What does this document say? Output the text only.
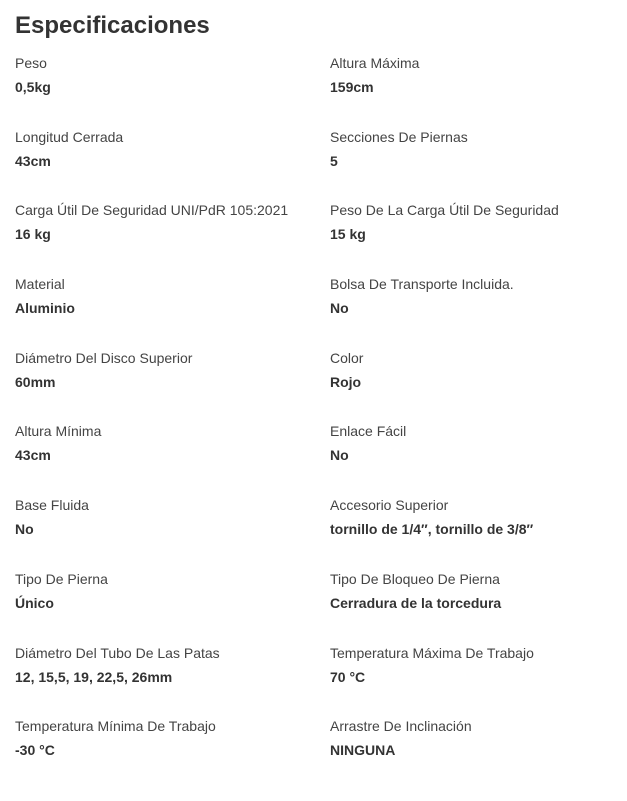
Especificaciones
Peso
0,5kg
Altura Máxima
159cm
Longitud Cerrada
43cm
Secciones De Piernas
5
Carga Útil De Seguridad UNI/PdR 105:2021
16 kg
Peso De La Carga Útil De Seguridad
15 kg
Material
Aluminio
Bolsa De Transporte Incluida.
No
Diámetro Del Disco Superior
60mm
Color
Rojo
Altura Mínima
43cm
Enlace Fácil
No
Base Fluida
No
Accesorio Superior
tornillo de 1/4″, tornillo de 3/8″
Tipo De Pierna
Único
Tipo De Bloqueo De Pierna
Cerradura de la torcedura
Diámetro Del Tubo De Las Patas
12, 15,5, 19, 22,5, 26mm
Temperatura Máxima De Trabajo
70 °C
Temperatura Mínima De Trabajo
-30 °C
Arrastre De Inclinación
NINGUNA
